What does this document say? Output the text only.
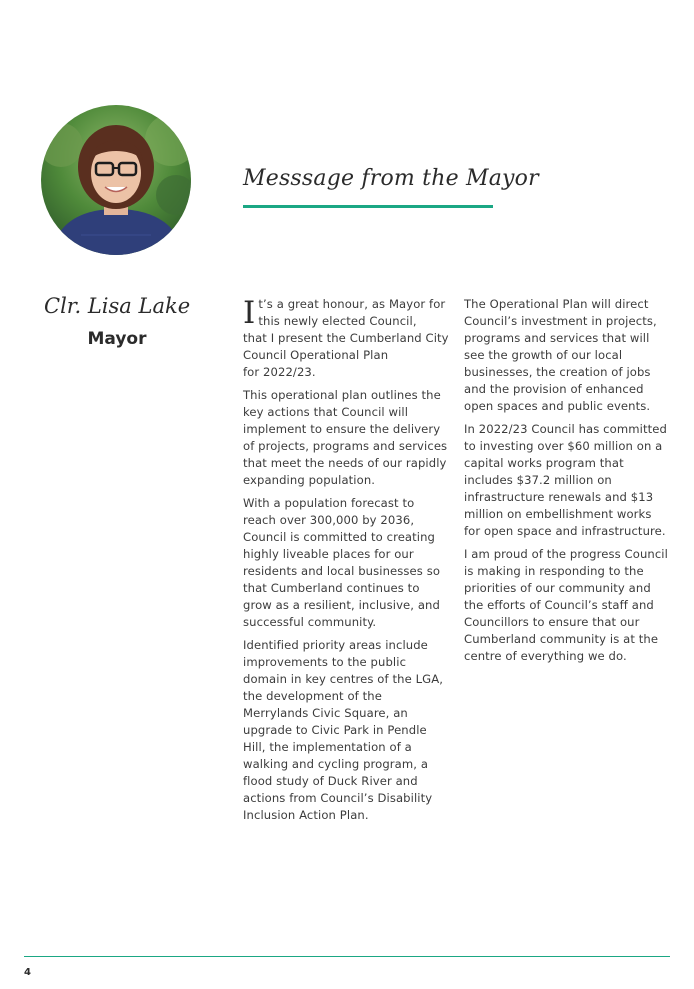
Messsage from the Mayor
Clr. Lisa Lake
Mayor

I t’s a great honour, as Mayor for
this newly elected Council,
that I present the Cumberland City
Council Operational Plan
for 2022/23.

This operational plan outlines the key actions that Council will implement to ensure the delivery of projects, programs and services that meet the needs of our rapidly expanding population.

With a population forecast to reach over 300,000 by 2036, Council is committed to creating highly liveable places for our residents and local businesses so that Cumberland continues to grow as a resilient, inclusive, and successful community.

Identified priority areas include improvements to the public domain in key centres of the LGA, the development of the Merrylands Civic Square, an upgrade to Civic Park in Pendle Hill, the implementation of a walking and cycling program, a flood study of Duck River and actions from Council’s Disability Inclusion Action Plan.

The Operational Plan will direct Council’s investment in projects, programs and services that will see the growth of our local businesses, the creation of jobs and the provision of enhanced open spaces and public events.

In 2022/23 Council has committed to investing over $60 million on a capital works program that includes $37.2 million on infrastructure renewals and $13 million on embellishment works for open space and infrastructure.

I am proud of the progress Council is making in responding to the priorities of our community and the efforts of Council’s staff and Councillors to ensure that our Cumberland community is at the centre of everything we do.

4
